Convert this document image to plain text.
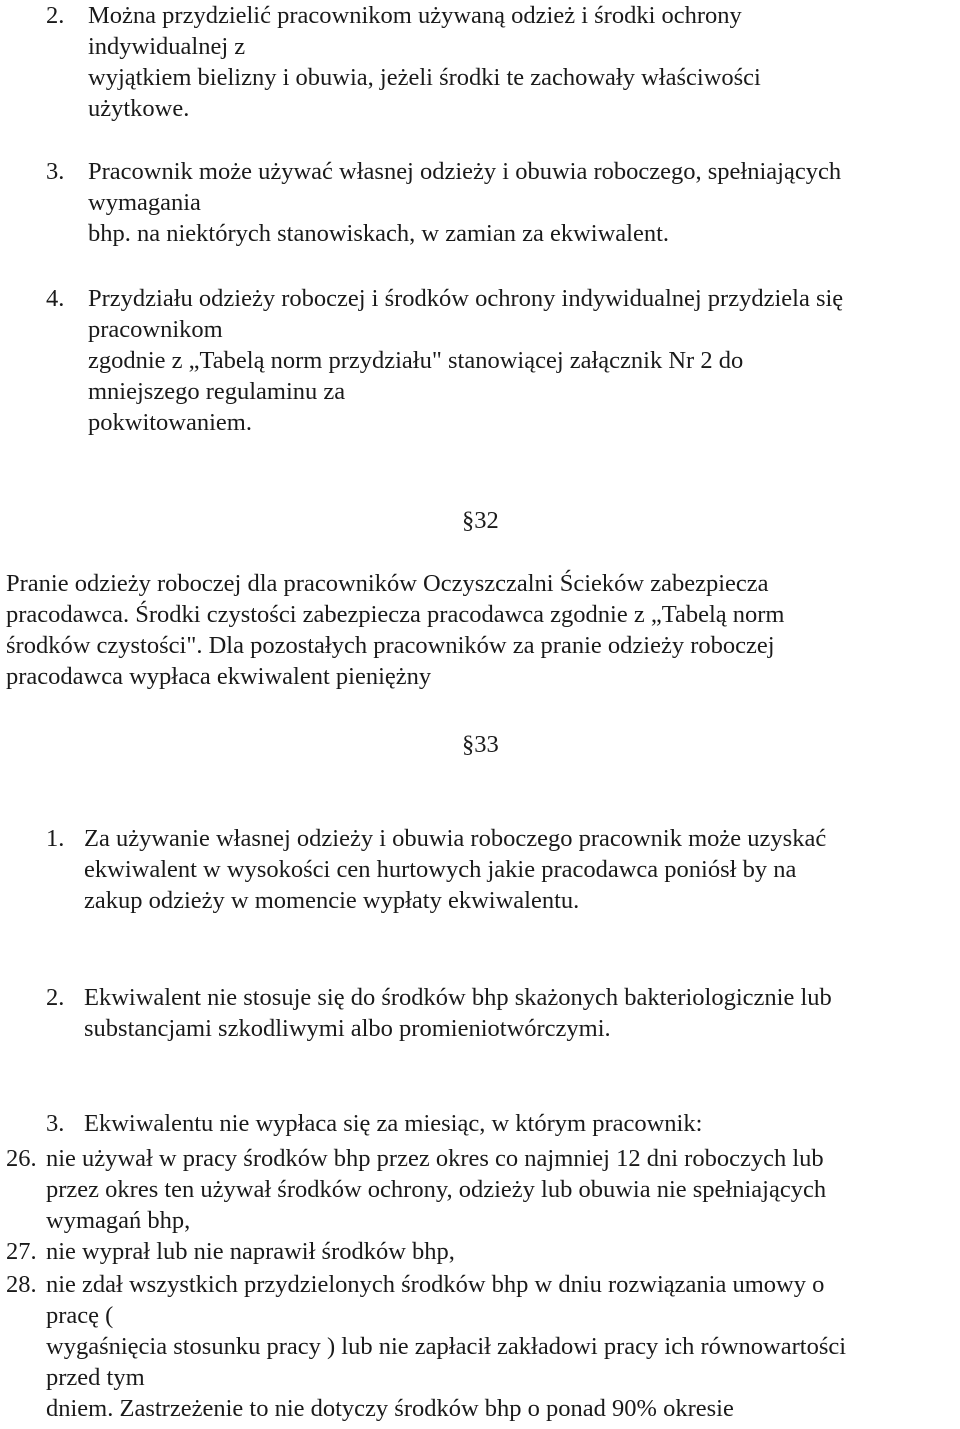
2. Można przydzielić pracownikom używaną odzież i środki ochrony
indywidualnej z
wyjątkiem bielizny i obuwia, jeżeli środki te zachowały właściwości
użytkowe.
3. Pracownik może używać własnej odzieży i obuwia roboczego, spełniających
wymagania
bhp. na niektórych stanowiskach, w zamian za ekwiwalent.
4. Przydziału odzieży roboczej i środków ochrony indywidualnej przydziela się
pracownikom
zgodnie z „Tabelą norm przydziału" stanowiącej załącznik Nr 2 do
mniejszego regulaminu za
pokwitowaniem.
§32
Pranie odzieży roboczej dla pracowników Oczyszczalni Ścieków zabezpiecza
pracodawca. Środki czystości zabezpiecza pracodawca zgodnie z „Tabelą norm
środków czystości". Dla pozostałych pracowników za pranie odzieży roboczej
pracodawca wypłaca ekwiwalent pieniężny
§33
1. Za używanie własnej odzieży i obuwia roboczego pracownik może uzyskać
ekwiwalent w wysokości cen hurtowych jakie pracodawca poniósł by na
zakup odzieży w momencie wypłaty ekwiwalentu.
2. Ekwiwalent nie stosuje się do środków bhp skażonych bakteriologicznie lub
substancjami szkodliwymi albo promieniotwórczymi.
3. Ekwiwalentu nie wypłaca się za miesiąc, w którym pracownik:
26. nie używał w pracy środków bhp przez okres co najmniej 12 dni roboczych lub
przez okres ten używał środków ochrony, odzieży lub obuwia nie spełniających
wymagań bhp,
27. nie wyprał lub nie naprawił środków bhp,
28. nie zdał wszystkich przydzielonych środków bhp w dniu rozwiązania umowy o
pracę (
wygaśnięcia stosunku pracy ) lub nie zapłacił zakładowi pracy ich równowartości
przed tym
dniem. Zastrzeżenie to nie dotyczy środków bhp o ponad 90% okresie
